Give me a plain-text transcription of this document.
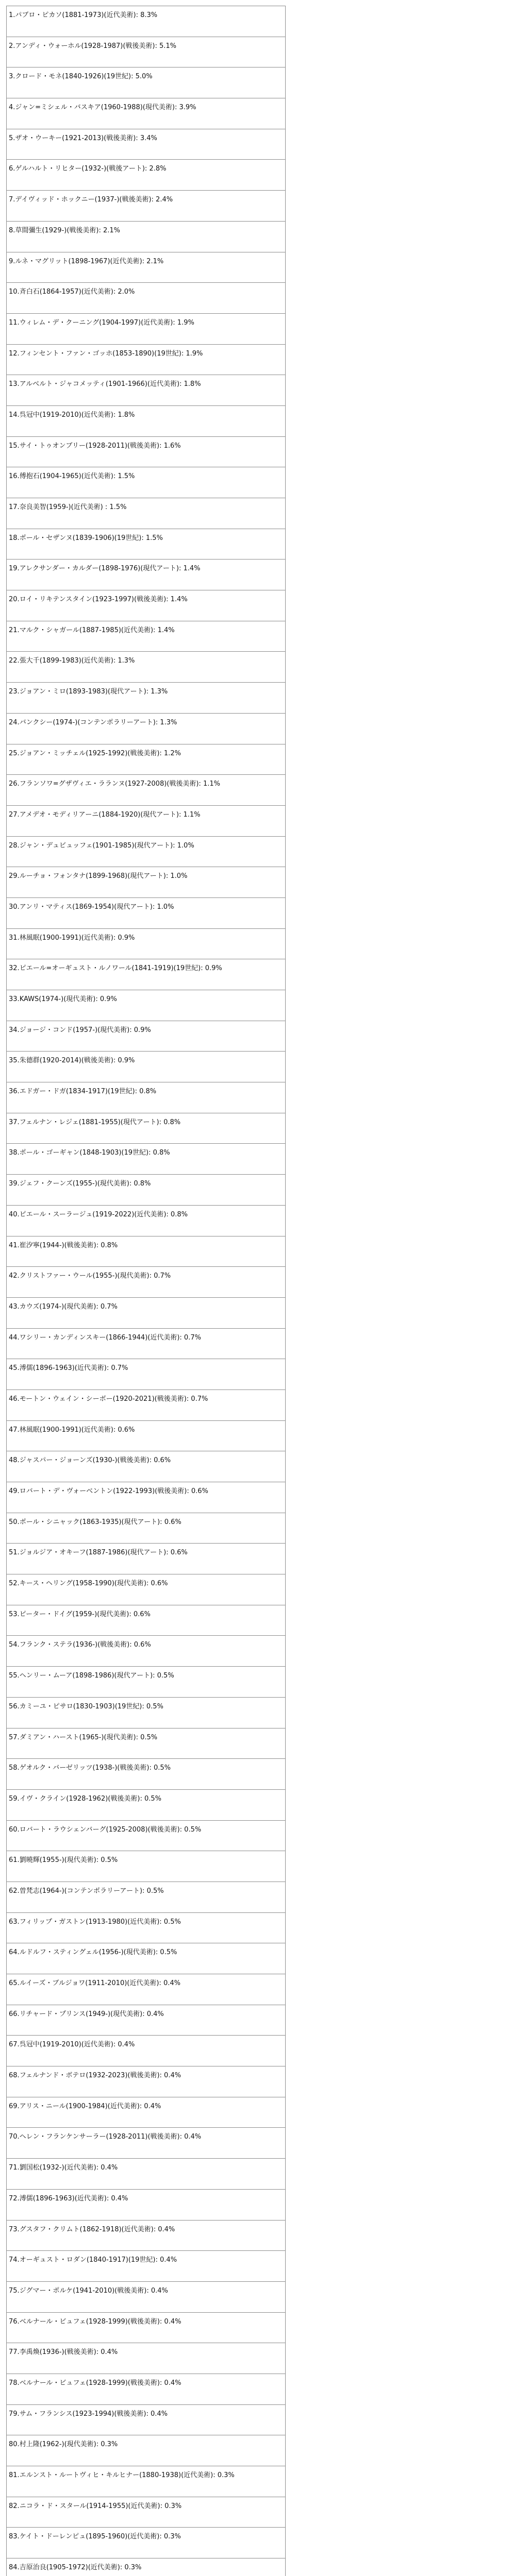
1.パブロ・ピカソ(1881-1973)(近代美術): 8.3%
2.アンディ・ウォーホル(1928-1987)(戦後美術): 5.1%
3.クロード・モネ(1840-1926)(19世紀): 5.0%
4.ジャン=ミシェル・バスキア(1960-1988)(現代美術): 3.9%
5.ザオ・ウーキー(1921-2013)(戦後美術): 3.4%
6.ゲルハルト・リヒター(1932-)(戦後アート): 2.8%
7.デイヴィッド・ホックニー(1937-)(戦後美術): 2.4%
8.草間彌生(1929-)(戦後美術): 2.1%
9.ルネ・マグリット(1898-1967)(近代美術): 2.1%
10.斉白石(1864-1957)(近代美術): 2.0%
11.ウィレム・デ・クーニング(1904-1997)(近代美術): 1.9%
12.フィンセント・ファン・ゴッホ(1853-1890)(19世紀): 1.9%
13.アルベルト・ジャコメッティ(1901-1966)(近代美術): 1.8%
14.呉冠中(1919-2010)(近代美術): 1.8%
15.サイ・トゥオンブリー(1928-2011)(戦後美術): 1.6%
16.傅抱石(1904-1965)(近代美術): 1.5%
17.奈良美智(1959-)(近代美術) : 1.5%
18.ポール・セザンヌ(1839-1906)(19世紀): 1.5%
19.アレクサンダー・カルダー(1898-1976)(現代アート): 1.4%
20.ロイ・リキテンスタイン(1923-1997)(戦後美術): 1.4%
21.マルク・シャガール(1887-1985)(近代美術): 1.4%
22.張大千(1899-1983)(近代美術): 1.3%
23.ジョアン・ミロ(1893-1983)(現代アート): 1.3%
24.バンクシー(1974-)(コンテンポラリーアート): 1.3%
25.ジョアン・ミッチェル(1925-1992)(戦後美術): 1.2%
26.フランソワ=グザヴィエ・ラランヌ(1927-2008)(戦後美術): 1.1%
27.アメデオ・モディリアーニ(1884-1920)(現代アート): 1.1%
28.ジャン・デュビュッフェ(1901-1985)(現代アート): 1.0%
29.ルーチョ・フォンタナ(1899-1968)(現代アート): 1.0%
30.アンリ・マティス(1869-1954)(現代アート): 1.0%
31.林風眠(1900-1991)(近代美術): 0.9%
32.ピエール=オーギュスト・ルノワール(1841-1919)(19世紀): 0.9%
33.KAWS(1974-)(現代美術): 0.9%
34.ジョージ・コンド(1957-)(現代美術): 0.9%
35.朱德群(1920-2014)(戦後美術): 0.9%
36.エドガー・ドガ(1834-1917)(19世紀): 0.8%
37.フェルナン・レジェ(1881-1955)(現代アート): 0.8%
38.ポール・ゴーギャン(1848-1903)(19世紀): 0.8%
39.ジェフ・クーンズ(1955-)(現代美術): 0.8%
40.ピエール・スーラージュ(1919-2022)(近代美術): 0.8%
41.崔汐寧(1944-)(戦後美術): 0.8%
42.クリストファー・ウール(1955-)(現代美術): 0.7%
43.カウズ(1974-)(現代美術): 0.7%
44.ワシリー・カンディンスキー(1866-1944)(近代美術): 0.7%
45.溥儒(1896-1963)(近代美術): 0.7%
46.モートン・ウェイン・シーボー(1920-2021)(戦後美術): 0.7%
47.林風眠(1900-1991)(近代美術): 0.6%
48.ジャスパー・ジョーンズ(1930-)(戦後美術): 0.6%
49.ロバート・デ・ヴォーベントン(1922-1993)(戦後美術): 0.6%
50.ポール・シニャック(1863-1935)(現代アート): 0.6%
51.ジョルジア・オキーフ(1887-1986)(現代アート): 0.6%
52.キース・ヘリング(1958-1990)(現代美術): 0.6%
53.ピーター・ドイグ(1959-)(現代美術): 0.6%
54.フランク・ステラ(1936-)(戦後美術): 0.6%
55.ヘンリー・ムーア(1898-1986)(現代アート): 0.5%
56.カミーユ・ピサロ(1830-1903)(19世紀): 0.5%
57.ダミアン・ハースト(1965-)(現代美術): 0.5%
58.ゲオルク・バーゼリッツ(1938-)(戦後美術): 0.5%
59.イヴ・クライン(1928-1962)(戦後美術): 0.5%
60.ロバート・ラウシェンバーグ(1925-2008)(戦後美術): 0.5%
61.劉曉輝(1955-)(現代美術): 0.5%
62.曽梵志(1964-)(コンテンポラリーアート): 0.5%
63.フィリップ・ガストン(1913-1980)(近代美術): 0.5%
64.ルドルフ・スティングェル(1956-)(現代美術): 0.5%
65.ルイーズ・ブルジョワ(1911-2010)(近代美術): 0.4%
66.リチャード・プリンス(1949-)(現代美術): 0.4%
67.呉冠中(1919-2010)(近代美術): 0.4%
68.フェルナンド・ボテロ(1932-2023)(戦後美術): 0.4%
69.アリス・ニール(1900-1984)(近代美術): 0.4%
70.ヘレン・フランケンサーラー(1928-2011)(戦後美術): 0.4%
71.劉国松(1932-)(近代美術): 0.4%
72.溥儒(1896-1963)(近代美術): 0.4%
73.グスタフ・クリムト(1862-1918)(近代美術): 0.4%
74.オーギュスト・ロダン(1840-1917)(19世紀): 0.4%
75.ジグマー・ポルケ(1941-2010)(戦後美術): 0.4%
76.ベルナール・ビュフェ(1928-1999)(戦後美術): 0.4%
77.李禹煥(1936-)(戦後美術): 0.4%
78.ベルナール・ビュフェ(1928-1999)(戦後美術): 0.4%
79.サム・フランシス(1923-1994)(戦後美術): 0.4%
80.村上隆(1962-)(現代美術): 0.3%
81.エルンスト・ルートヴィヒ・キルヒナー(1880-1938)(近代美術): 0.3%
82.ニコラ・ド・スタール(1914-1955)(近代美術): 0.3%
83.ケイト・ドーレンピュ(1895-1960)(近代美術): 0.3%
84.吉原治良(1905-1972)(近代美術): 0.3%
